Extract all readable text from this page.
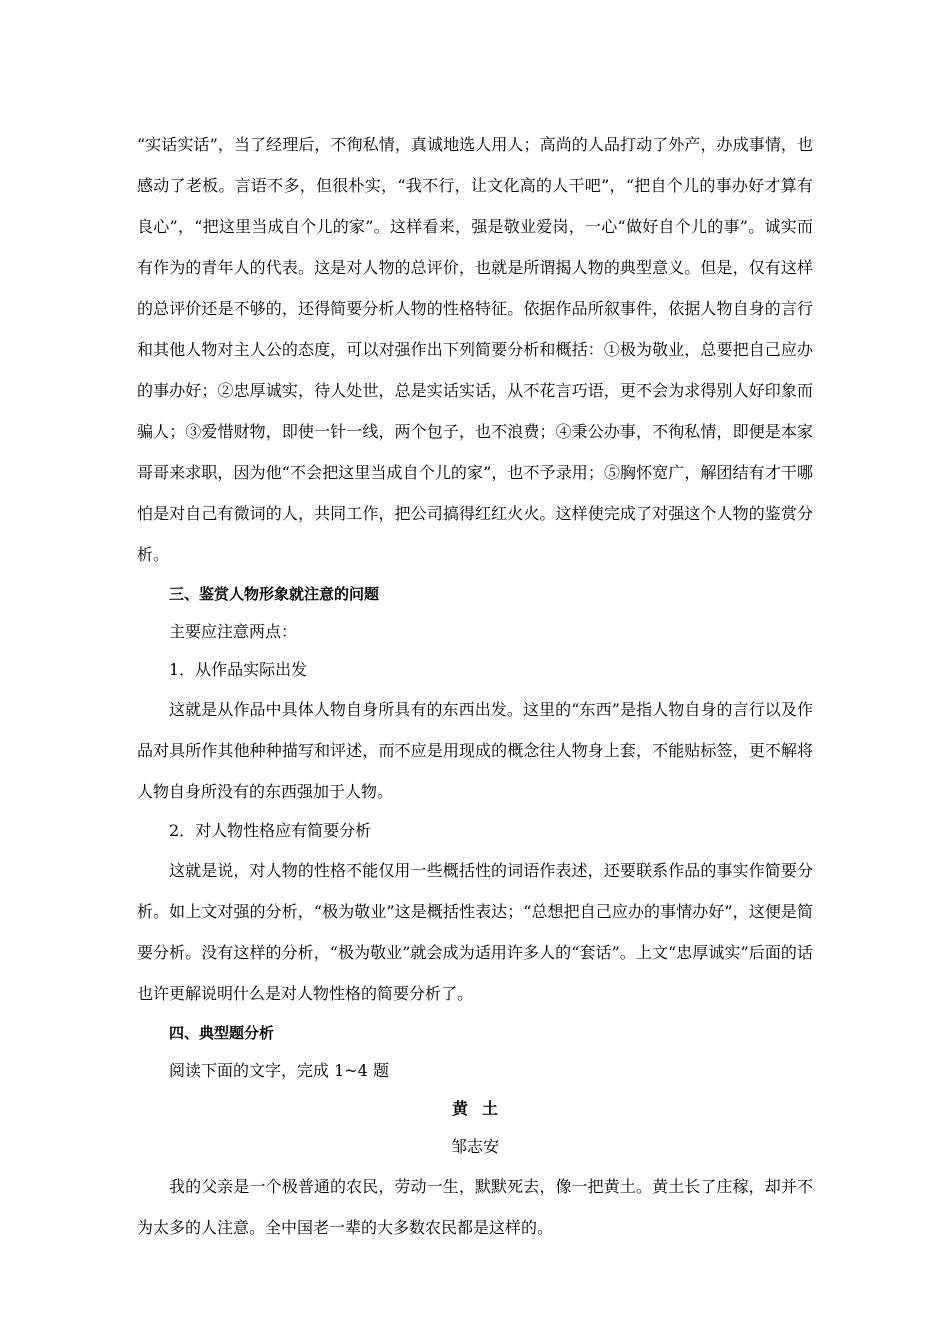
“实话实话”，当了经理后，不徇私情，真诚地选人用人；高尚的人品打动了外产，办成事情，也感动了老板。言语不多，但很朴实，“我不行，让文化高的人干吧”，“把自个儿的事办好才算有良心”，“把这里当成自个儿的家”。这样看来，强是敬业爱岗，一心“做好自个儿的事”。诚实而有作为的青年人的代表。这是对人物的总评价，也就是所谓揭人物的典型意义。但是，仅有这样的总评价还是不够的，还得简要分析人物的性格特征。依据作品所叙事件，依据人物自身的言行和其他人物对主人公的态度，可以对强作出下列简要分析和概括：①极为敬业，总要把自己应办的事办好；②忠厚诚实，待人处世，总是实话实话，从不花言巧语，更不会为求得别人好印象而骗人；③爱惜财物，即使一针一线，两个包子，也不浪费；④秉公办事，不徇私情，即便是本家哥哥来求职，因为他“不会把这里当成自个儿的家”，也不予录用；⑤胸怀宽广，解团结有才干哪怕是对自己有微词的人，共同工作，把公司搞得红红火火。这样使完成了对强这个人物的鉴赏分析。

三、鉴赏人物形象就注意的问题

主要应注意两点：

1．从作品实际出发

这就是从作品中具体人物自身所具有的东西出发。这里的“东西”是指人物自身的言行以及作品对具所作其他种种描写和评述，而不应是用现成的概念往人物身上套，不能贴标签，更不解将人物自身所没有的东西强加于人物。

2．对人物性格应有简要分析

这就是说，对人物的性格不能仅用一些概括性的词语作表述，还要联系作品的事实作简要分析。如上文对强的分析，“极为敬业”这是概括性表达；“总想把自己应办的事情办好”，这便是简要分析。没有这样的分析，“极为敬业”就会成为适用许多人的“套话”。上文“忠厚诚实”后面的话也许更解说明什么是对人物性格的简要分析了。

四、典型题分析

阅读下面的文字，完成 1~4 题

黄土

邹志安

我的父亲是一个极普通的农民，劳动一生，默默死去，像一把黄土。黄土长了庄稼，却并不为太多的人注意。全中国老一辈的大多数农民都是这样的。
